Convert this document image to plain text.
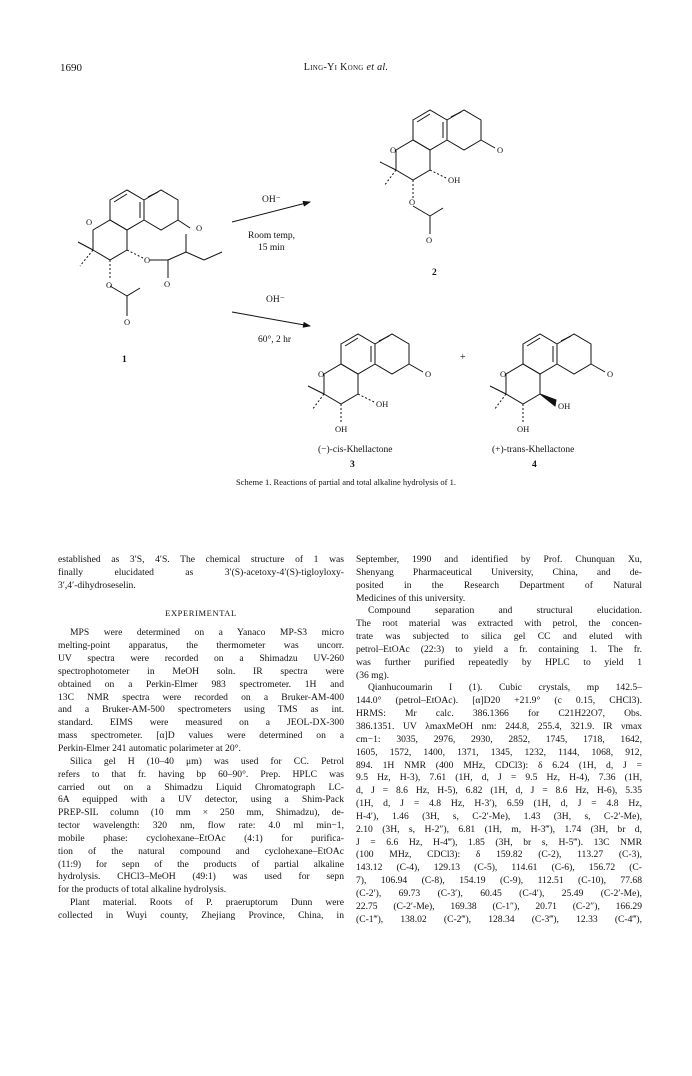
1690	Ling-Yi Kong et al.
O
O
O
O
O
O
O	O
OH
O
O
O	O
OH
OH
O	O
OH
OH
OH⁻
Room temp,
15 min
OH⁻
60°, 2 hr
+
1
2
(−)-cis-Khellactone	(+)-trans-Khellactone
3	4
Scheme 1. Reactions of partial and total alkaline hydrolysis of 1.

established as 3′S, 4′S. The chemical structure of 1 was

finally elucidated as 3′(S)-acetoxy-4′(S)-tigloyloxy-

3′,4′-dihydroseselin.

EXPERIMENTAL

MPS were determined on a Yanaco MP-S3 micro

melting-point apparatus, the thermometer was uncorr.

UV spectra were recorded on a Shimadzu UV-260

spectrophotometer in MeOH soln. IR spectra were

obtained on a Perkin-Elmer 983 spectrometer. 1H and

13C NMR spectra were recorded on a Bruker-AM-400

and a Bruker-AM-500 spectrometers using TMS as int.

standard. EIMS were measured on a JEOL-DX-300

mass spectrometer. [α]D values were determined on a

Perkin-Elmer 241 automatic polarimeter at 20°.

Silica gel H (10–40 μm) was used for CC. Petrol

refers to that fr. having bp 60–90°. Prep. HPLC was

carried out on a Shimadzu Liquid Chromatograph LC-

6A equipped with a UV detector, using a Shim-Pack

PREP-SIL column (10 mm × 250 mm, Shimadzu), de-

tector wavelength: 320 nm, flow rate: 4.0 ml min−1,

mobile phase: cyclohexane–EtOAc (4:1) for purifica-

tion of the natural compound and cyclohexane–EtOAc

(11:9) for sepn of the products of partial alkaline

hydrolysis. CHCl3–MeOH (49:1) was used for sepn

for the products of total alkaline hydrolysis.

Plant material. Roots of P. praeruptorum Dunn were

collected in Wuyi county, Zhejiang Province, China, in

September, 1990 and identified by Prof. Chunquan Xu,

Shenyang Pharmaceutical University, China, and de-

posited in the Research Department of Natural

Medicines of this university.

Compound separation and structural elucidation.

The root material was extracted with petrol, the concen-

trate was subjected to silica gel CC and eluted with

petrol–EtOAc (22:3) to yield a fr. containing 1. The fr.

was further purified repeatedly by HPLC to yield 1

(36 mg).

Qianhucoumarin I (1). Cubic crystals, mp 142.5–

144.0° (petrol–EtOAc). [α]D20 +21.9° (c 0.15, CHCl3).

HRMS: Mr calc. 386.1366 for C21H22O7, Obs.

386.1351. UV λmaxMeOH nm: 244.8, 255.4, 321.9. IR νmax

cm−1: 3035, 2976, 2930, 2852, 1745, 1718, 1642,

1605, 1572, 1400, 1371, 1345, 1232, 1144, 1068, 912,

894. 1H NMR (400 MHz, CDCl3): δ 6.24 (1H, d, J =

9.5 Hz, H-3), 7.61 (1H, d, J = 9.5 Hz, H-4), 7.36 (1H,

d, J = 8.6 Hz, H-5), 6.82 (1H, d, J = 8.6 Hz, H-6), 5.35

(1H, d, J = 4.8 Hz, H-3′), 6.59 (1H, d, J = 4.8 Hz,

H-4′), 1.46 (3H, s, C-2′-Me), 1.43 (3H, s, C-2′-Me),

2.10 (3H, s, H-2″), 6.81 (1H, m, H-3‴), 1.74 (3H, br d,

J = 6.6 Hz, H-4‴), 1.85 (3H, br s, H-5‴). 13C NMR

(100 MHz, CDCl3): δ 159.82 (C-2), 113.27 (C-3),

143.12 (C-4), 129.13 (C-5), 114.61 (C-6), 156.72 (C-

7), 106.94 (C-8), 154.19 (C-9), 112.51 (C-10), 77.68

(C-2′), 69.73 (C-3′), 60.45 (C-4′), 25.49 (C-2′-Me),

22.75 (C-2′-Me), 169.38 (C-1″), 20.71 (C-2″), 166.29

(C-1‴), 138.02 (C-2‴), 128.34 (C-3‴), 12.33 (C-4‴),
